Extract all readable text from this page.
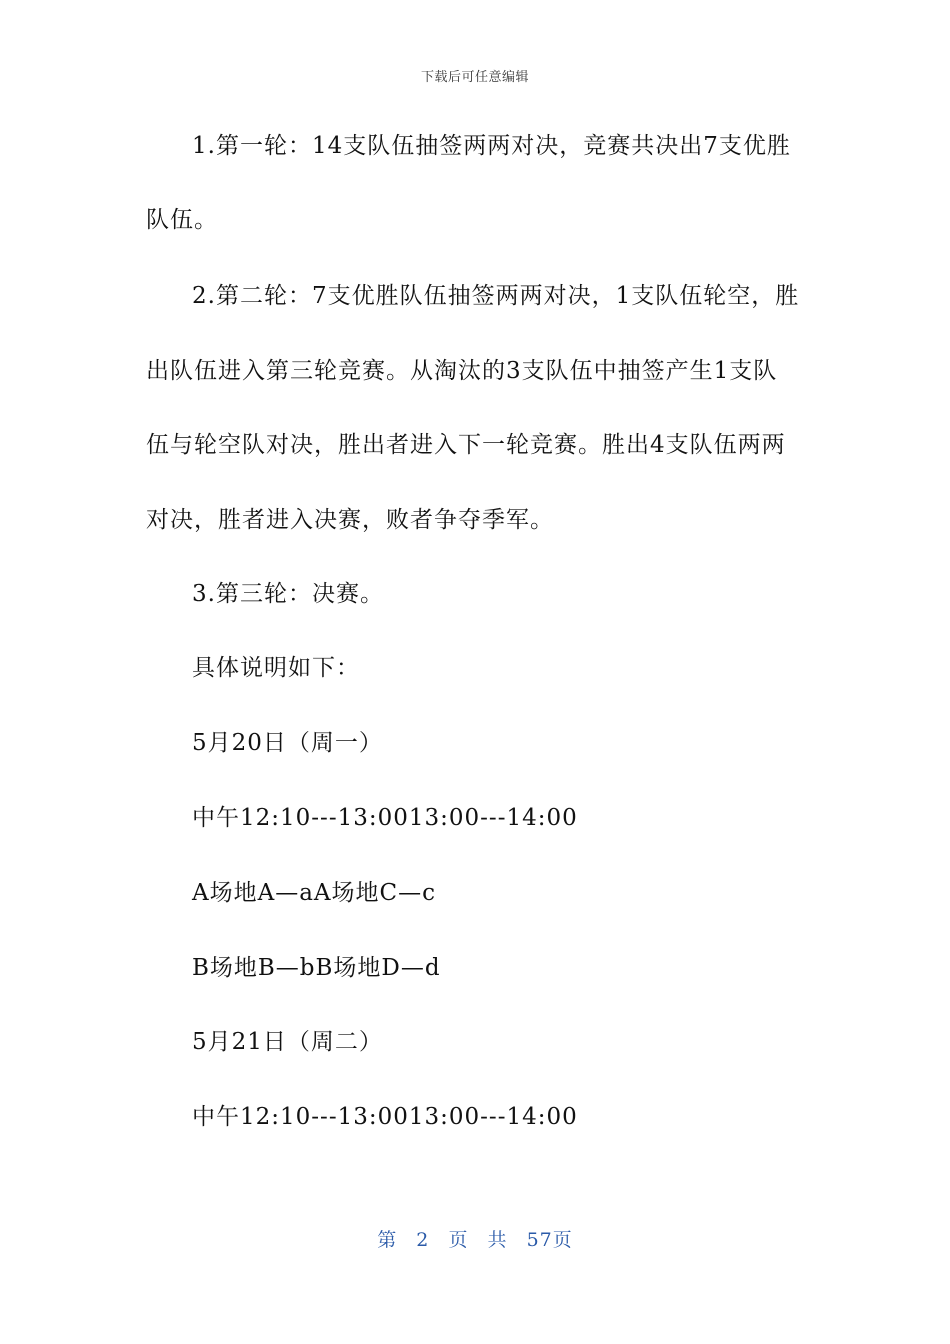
下载后可任意编辑
1.第一轮：14支队伍抽签两两对决，竞赛共决出7支优胜
队伍。
2.第二轮：7支优胜队伍抽签两两对决，1支队伍轮空，胜
出队伍进入第三轮竞赛。从淘汰的3支队伍中抽签产生1支队
伍与轮空队对决，胜出者进入下一轮竞赛。胜出4支队伍两两
对决，胜者进入决赛，败者争夺季军。
3.第三轮：决赛。
具体说明如下：
5月20日（周一）
中午12:10---13:0013:00---14:00
A场地A—aA场地C—c
B场地B—bB场地D—d
5月21日（周二）
中午12:10---13:0013:00---14:00
第 2 页 共 57页
